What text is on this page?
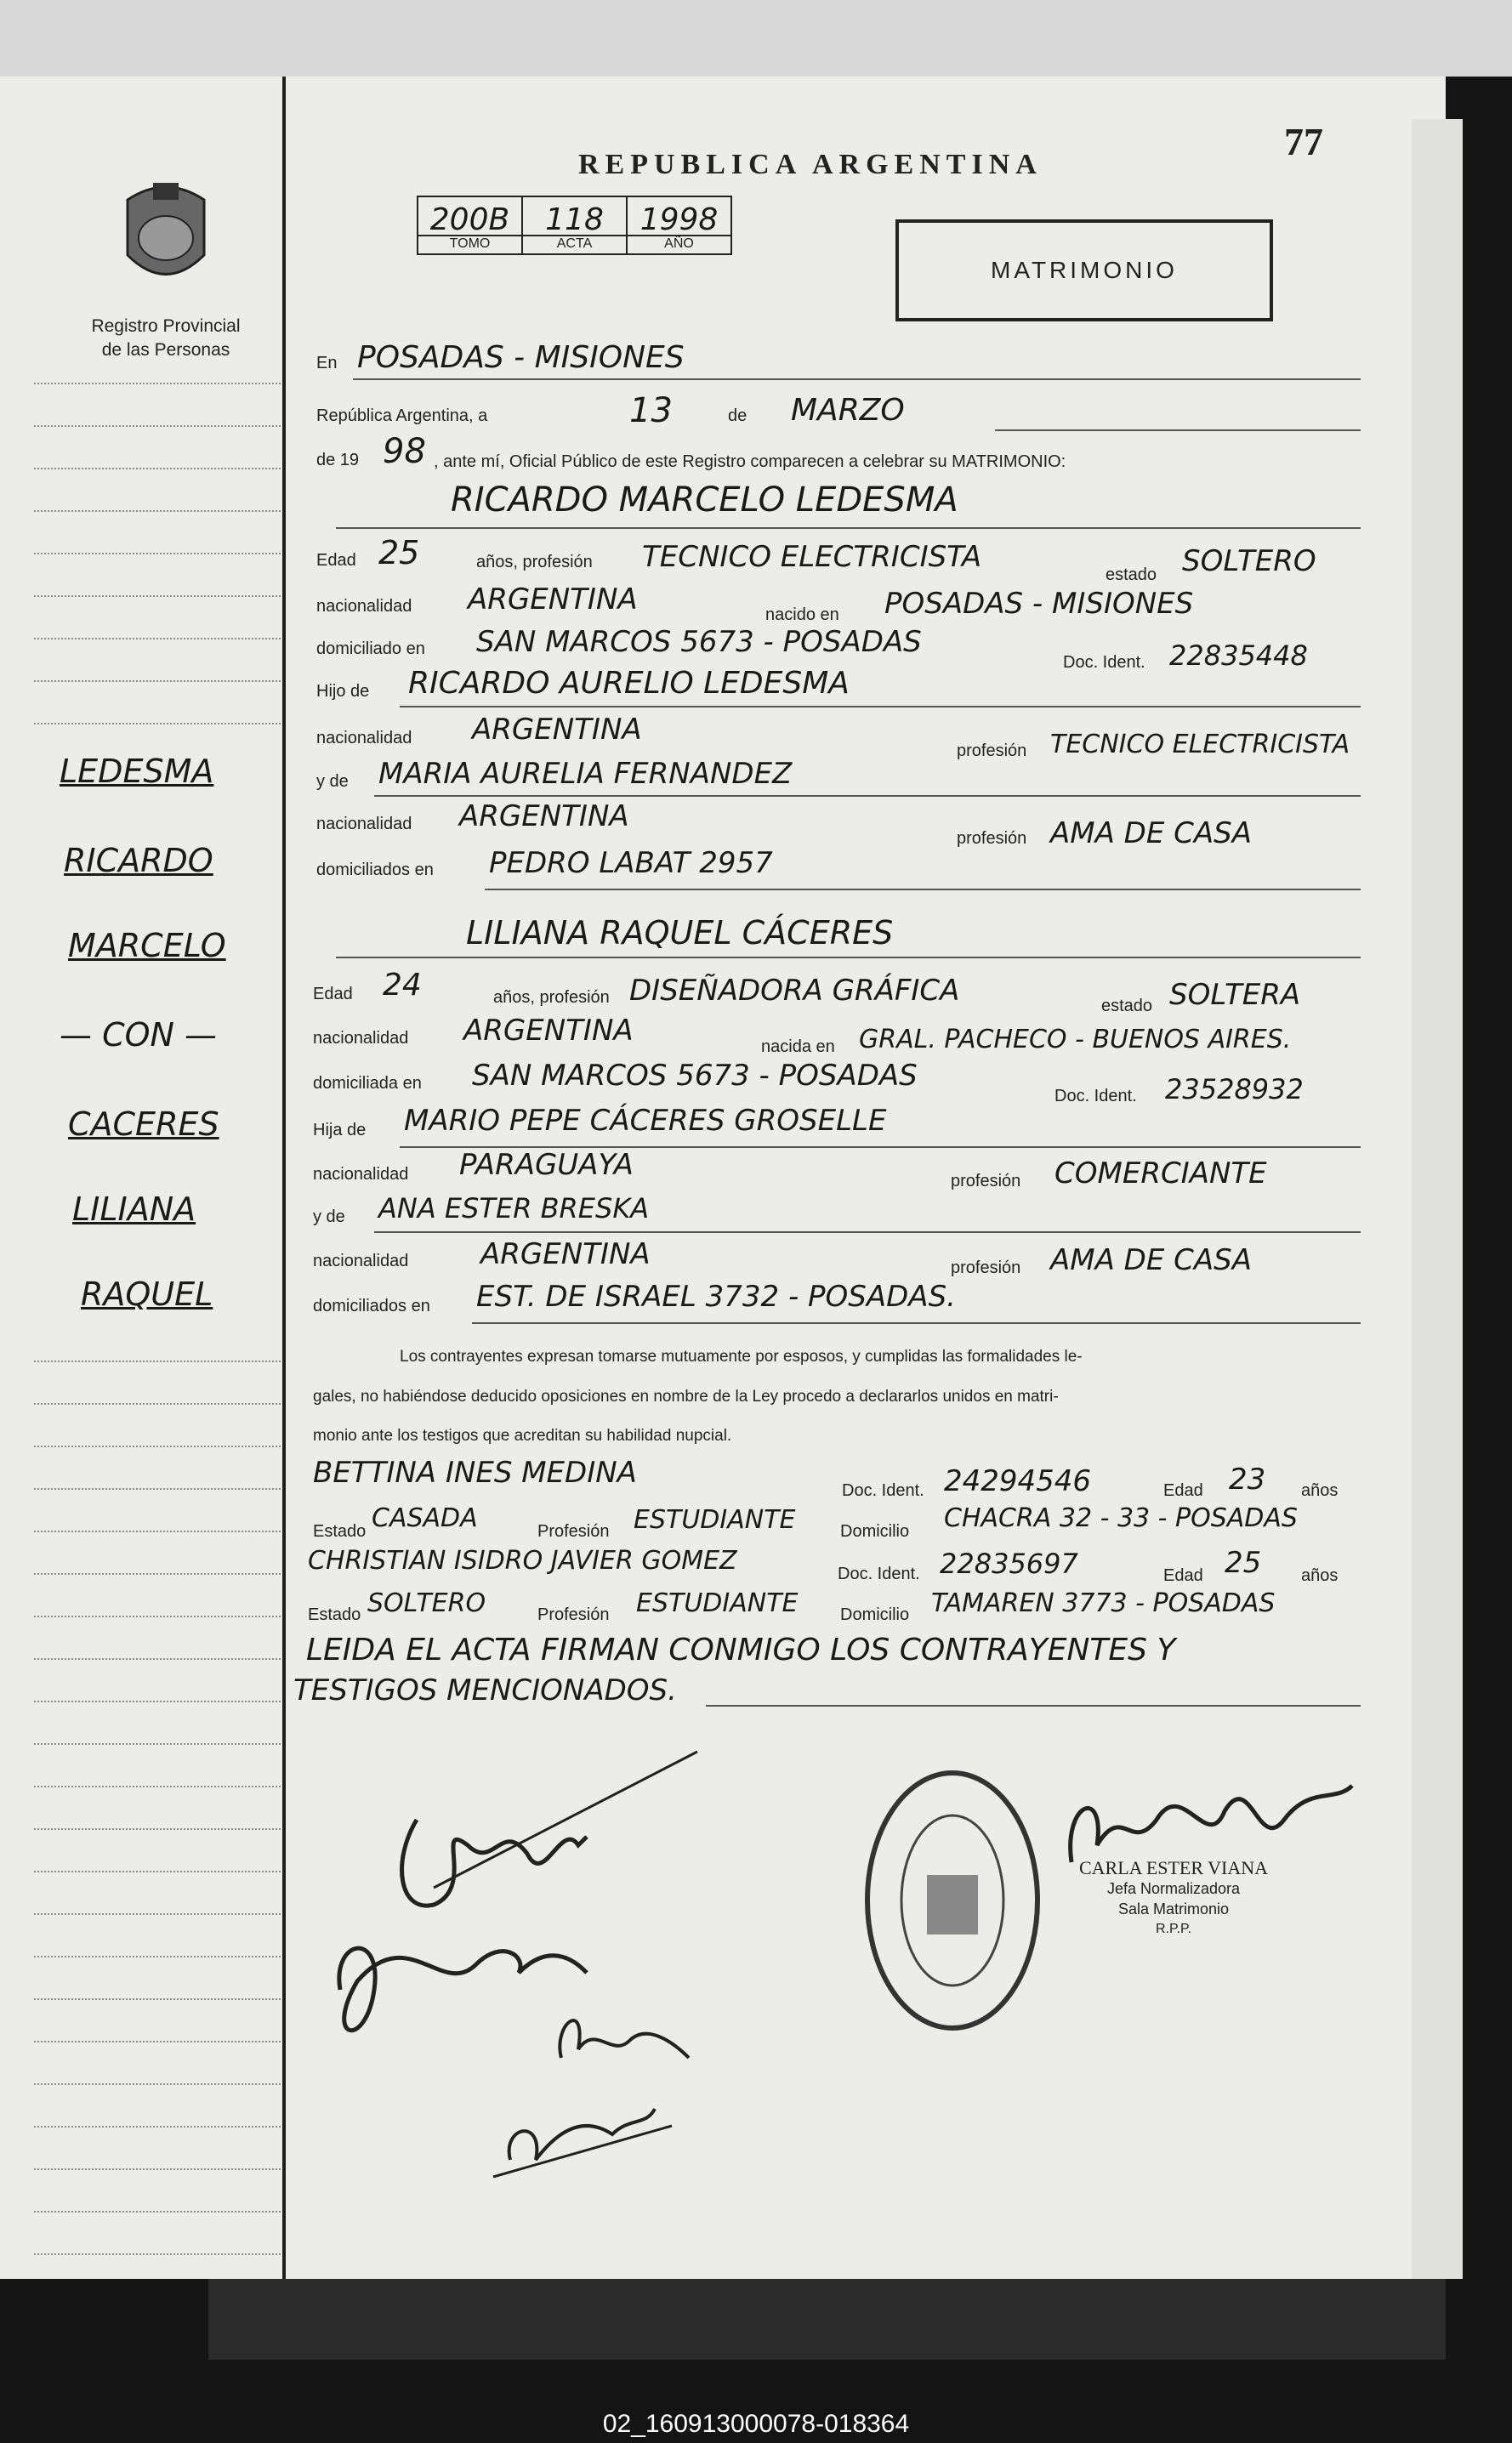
Registro Provincial
de las Personas
LEDESMA
RICARDO
MARCELO
— CON —
CACERES
LILIANA
RAQUEL
REPUBLICA ARGENTINA
77
200B
TOMO
118
ACTA
1998
AÑO
MATRIMONIO
En POSADAS - MISIONES
República Argentina, a	13	de MARZO
de 19 98 , ante mí, Oficial Público de este Registro comparecen a celebrar su MATRIMONIO:
RICARDO MARCELO LEDESMA
Edad 25	años, profesión TECNICO ELECTRICISTA
estado SOLTERO
nacionalidad ARGENTINA	nacido en POSADAS - MISIONES
domiciliado en SAN MARCOS 5673 - POSADAS
Doc. Ident. 22835448
Hijo de RICARDO AURELIO LEDESMA
nacionalidad ARGENTINA
profesión TECNICO ELECTRICISTA
y de MARIA AURELIA FERNANDEZ
nacionalidad ARGENTINA
profesión AMA DE CASA
domiciliados en PEDRO LABAT 2957
LILIANA RAQUEL CÁCERES
Edad 24	años, profesión DISEÑADORA GRÁFICA	estado SOLTERA
nacionalidad ARGENTINA	nacida en GRAL. PACHECO - BUENOS AIRES.
domiciliada en SAN MARCOS 5673 - POSADAS
Doc. Ident. 23528932
Hija de MARIO PEPE CÁCERES GROSELLE
nacionalidad PARAGUAYA	profesión COMERCIANTE
y de ANA ESTER BRESKA
nacionalidad ARGENTINA	profesión AMA DE CASA
domiciliados en EST. DE ISRAEL 3732 - POSADAS.
Los contrayentes expresan tomarse mutuamente por esposos, y cumplidas las formalidades le-
gales, no habiéndose deducido oposiciones en nombre de la Ley procedo a declararlos unidos en matri-
monio ante los testigos que acreditan su habilidad nupcial.
BETTINA INES MEDINA
Doc. Ident. 24294546	Edad 23 años
Estado CASADA	Profesión ESTUDIANTE	Domicilio CHACRA 32 - 33 - POSADAS
CHRISTIAN ISIDRO JAVIER GOMEZ	Doc. Ident. 22835697	Edad 25 años
Estado SOLTERO	Profesión ESTUDIANTE Domicilio TAMAREN 3773 - POSADAS
LEIDA EL ACTA FIRMAN CONMIGO LOS CONTRAYENTES Y
TESTIGOS MENCIONADOS.
CARLA ESTER VIANA
Jefa Normalizadora
Sala Matrimonio
R.P.P.
02_160913000078-018364
